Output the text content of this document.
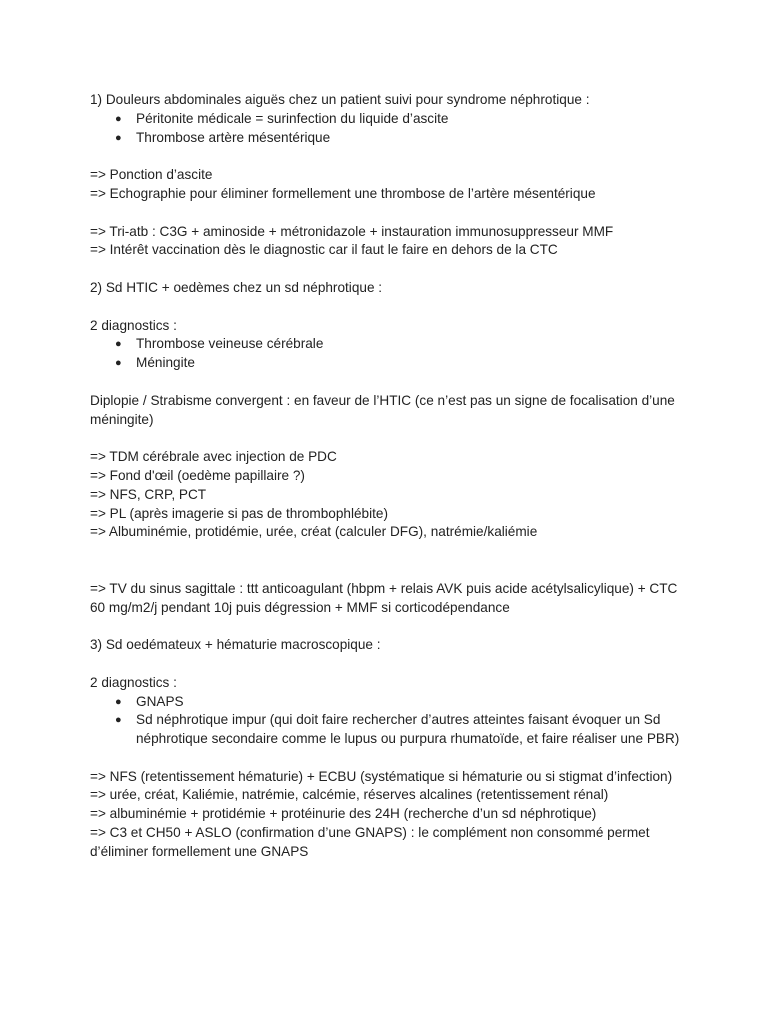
1) Douleurs abdominales aiguës chez un patient suivi pour syndrome néphrotique :

● Péritonite médicale = surinfection du liquide d’ascite
● Thrombose artère mésentérique

=> Ponction d’ascite

=> Echographie pour éliminer formellement une thrombose de l’artère mésentérique

=> Tri-atb : C3G + aminoside + métronidazole + instauration immunosuppresseur MMF

=> Intérêt vaccination dès le diagnostic car il faut le faire en dehors de la CTC

2) Sd HTIC + oedèmes chez un sd néphrotique :

2 diagnostics :

● Thrombose veineuse cérébrale
● Méningite

Diplopie / Strabisme convergent : en faveur de l’HTIC (ce n’est pas un signe de focalisation d’une méningite)

=> TDM cérébrale avec injection de PDC

=> Fond d'œil (oedème papillaire ?)

=> NFS, CRP, PCT

=> PL (après imagerie si pas de thrombophlébite)

=> Albuminémie, protidémie, urée, créat (calculer DFG), natrémie/kaliémie

=> TV du sinus sagittale : ttt anticoagulant (hbpm + relais AVK puis acide acétylsalicylique) + CTC 60 mg/m2/j pendant 10j puis dégression + MMF si corticodépendance

3) Sd oedémateux + hématurie macroscopique :

2 diagnostics :

● GNAPS
● Sd néphrotique impur (qui doit faire rechercher d’autres atteintes faisant évoquer un Sd néphrotique secondaire comme le lupus ou purpura rhumatoïde, et faire réaliser une PBR)

=> NFS (retentissement hématurie) + ECBU (systématique si hématurie ou si stigmat d’infection)

=> urée, créat, Kaliémie, natrémie, calcémie, réserves alcalines (retentissement rénal)

=> albuminémie + protidémie + protéinurie des 24H (recherche d’un sd néphrotique)

=> C3 et CH50 + ASLO (confirmation d’une GNAPS) : le complément non consommé permet d’éliminer formellement une GNAPS
